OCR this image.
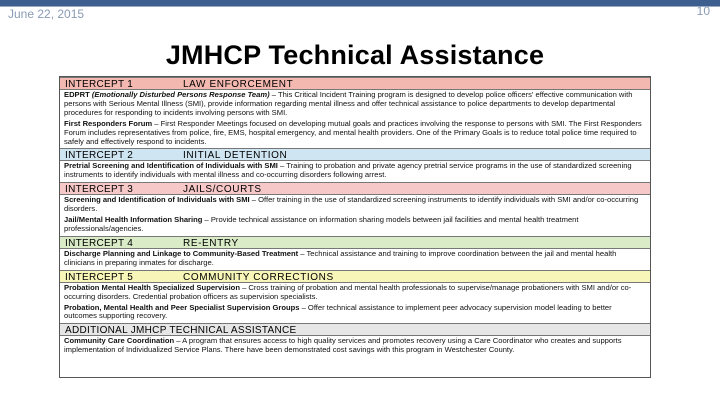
June 22, 2015	10
JMHCP Technical Assistance
INTERCEPT 1	LAW ENFORCEMENT
EDPRT (Emotionally Disturbed Persons Response Team) – This Critical Incident Training program is designed to develop police officers' effective communication with persons with Serious Mental Illness (SMI), provide information regarding mental illness and offer technical assistance to police departments to develop departmental procedures for responding to incidents involving persons with SMI.
First Responders Forum – First Responder Meetings focused on developing mutual goals and practices involving the response to persons with SMI. The First Responders Forum includes representatives from police, fire, EMS, hospital emergency, and mental health providers. One of the Primary Goals is to reduce total police time required to safely and effectively respond to incidents.
INTERCEPT 2	INITIAL DETENTION
Pretrial Screening and Identification of Individuals with SMI – Training to probation and private agency pretrial service programs in the use of standardized screening instruments to identify individuals with mental illness and co-occurring disorders following arrest.
INTERCEPT 3	JAILS/COURTS
Screening and Identification of Individuals with SMI – Offer training in the use of standardized screening instruments to identify individuals with SMI and/or co-occurring disorders.
Jail/Mental Health Information Sharing – Provide technical assistance on information sharing models between jail facilities and mental health treatment professionals/agencies.
INTERCEPT 4	RE-ENTRY
Discharge Planning and Linkage to Community-Based Treatment – Technical assistance and training to improve coordination between the jail and mental health clinicians in preparing inmates for discharge.
INTERCEPT 5	COMMUNITY CORRECTIONS
Probation Mental Health Specialized Supervision – Cross training of probation and mental health professionals to supervise/manage probationers with SMI and/or co-occurring disorders. Credential probation officers as supervision specialists.
Probation, Mental Health and Peer Specialist Supervision Groups – Offer technical assistance to implement peer advocacy supervision model leading to better outcomes supporting recovery.
ADDITIONAL JMHCP TECHNICAL ASSISTANCE
Community Care Coordination – A program that ensures access to high quality services and promotes recovery using a Care Coordinator who creates and supports implementation of Individualized Service Plans. There have been demonstrated cost savings with this program in Westchester County.
